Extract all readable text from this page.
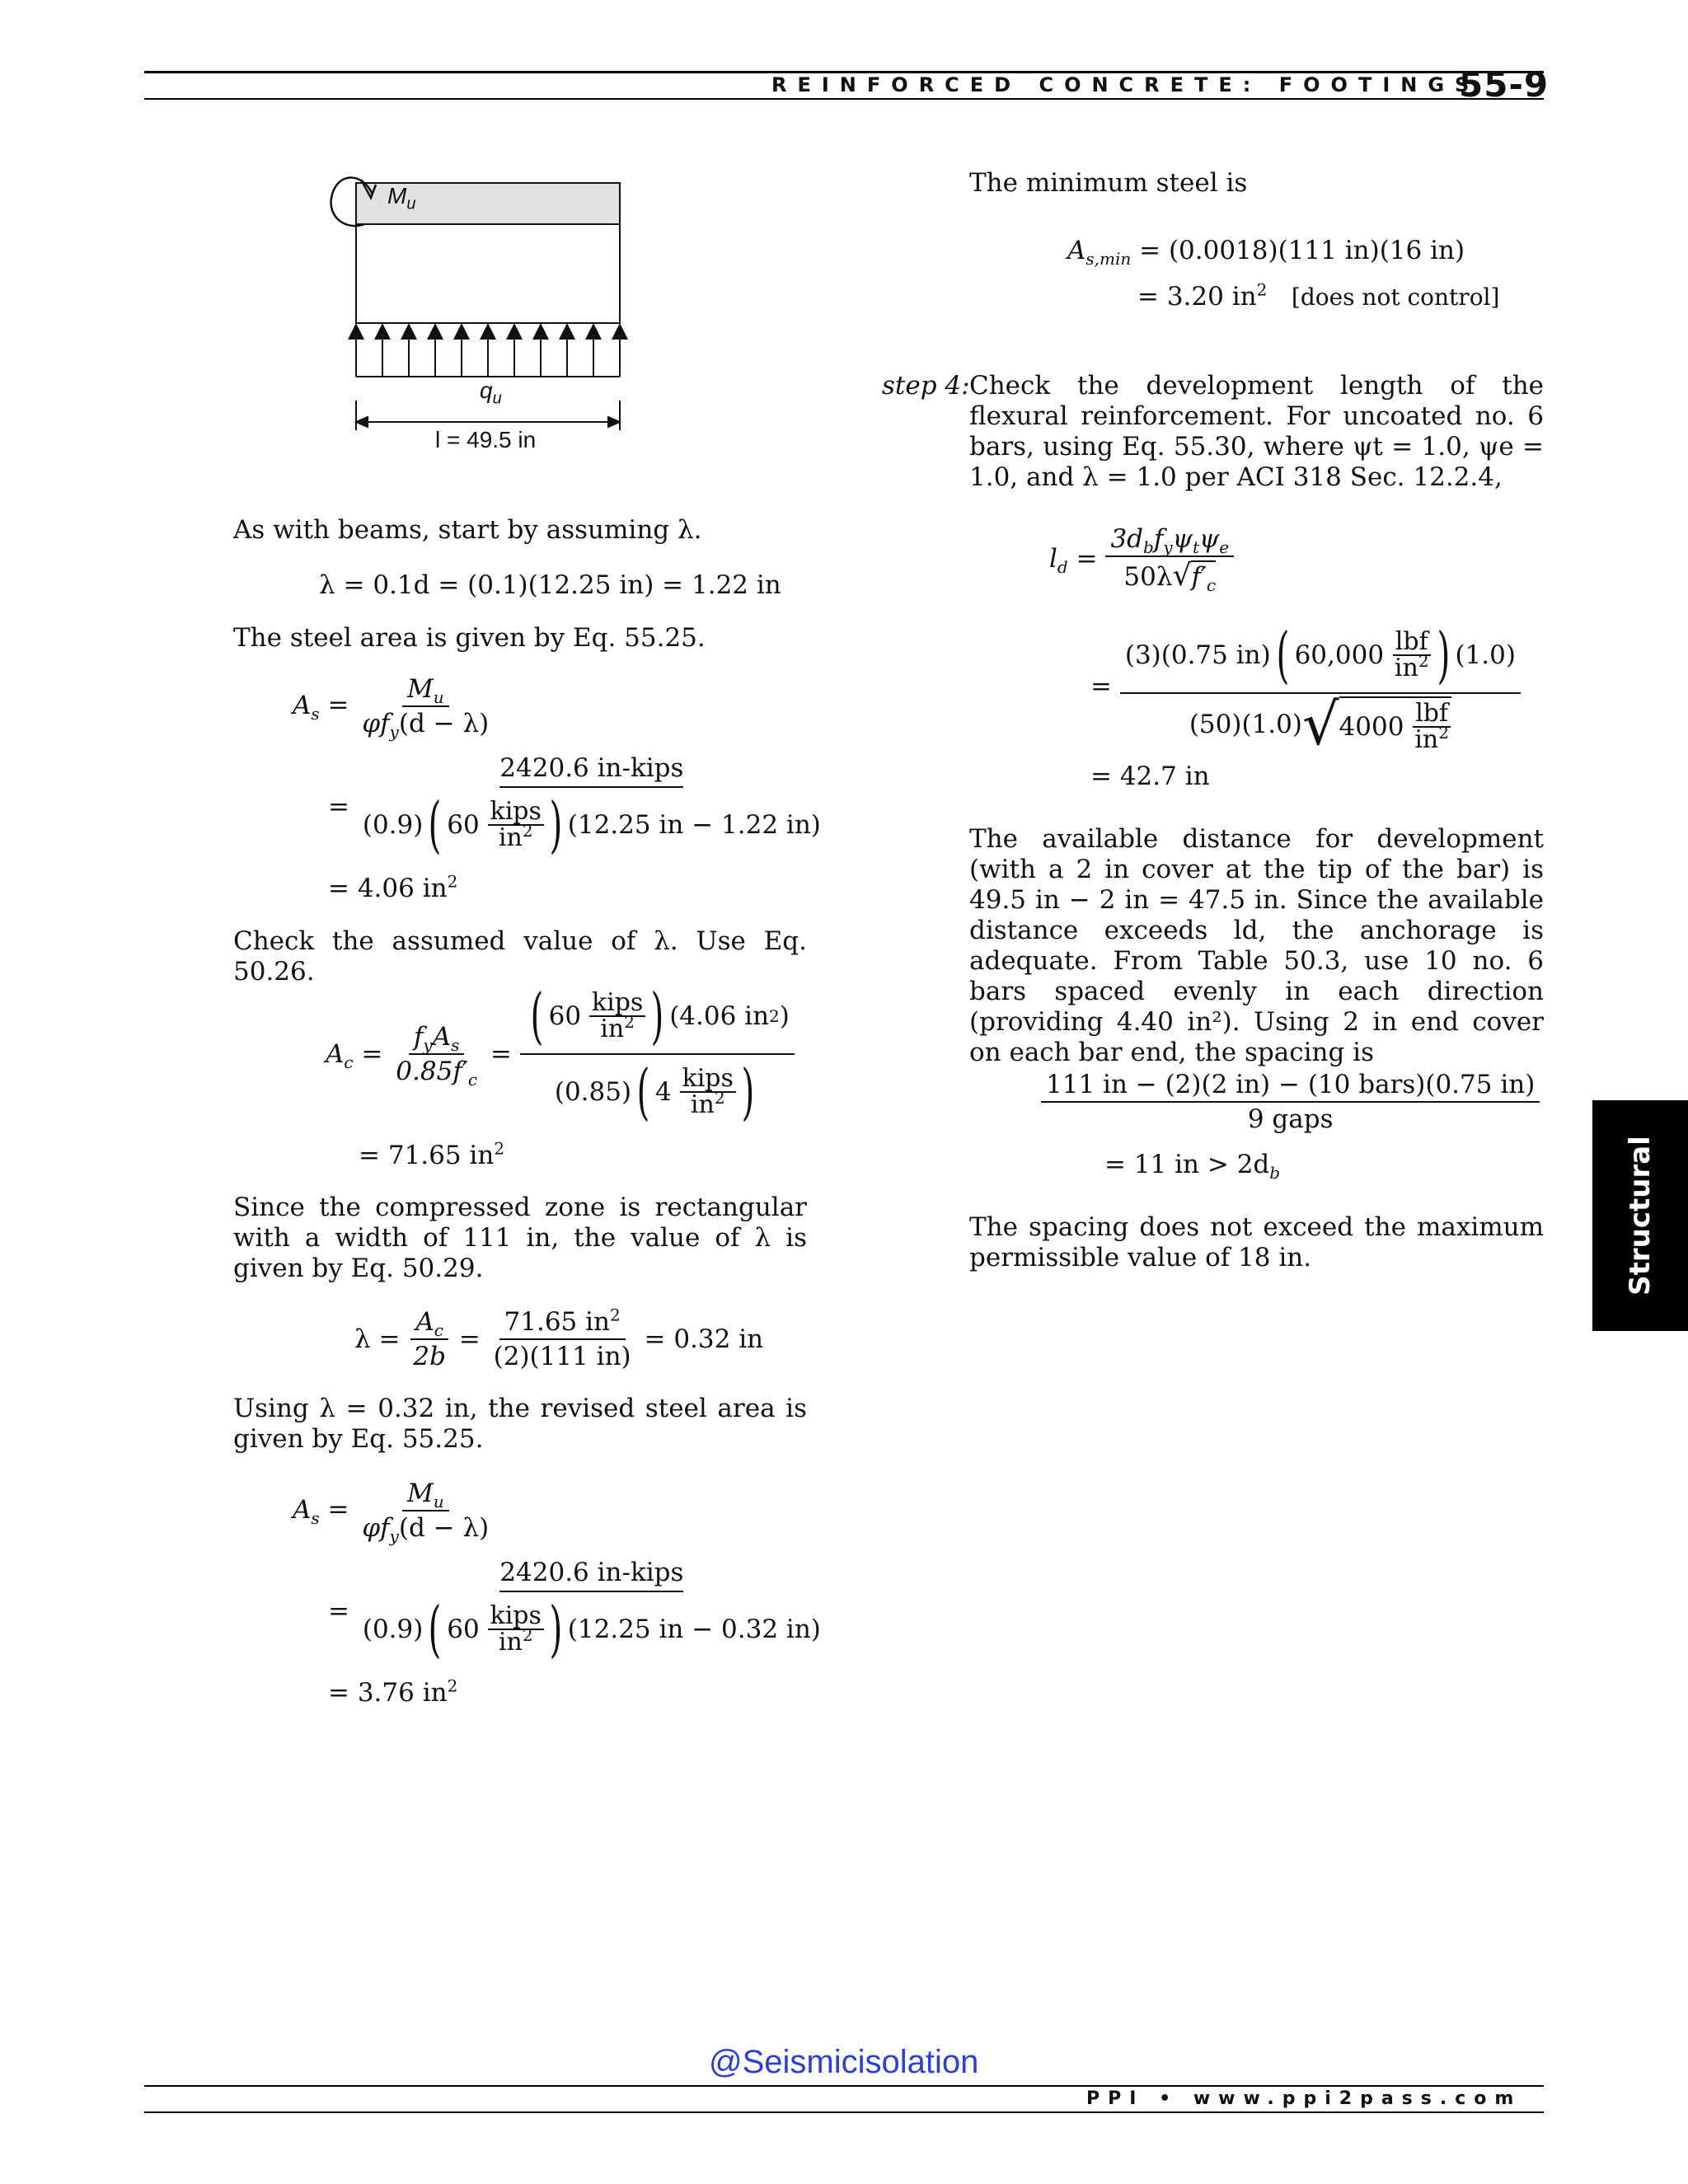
REINFORCED CONCRETE: FOOTINGS
55-9
Structural
$M_u$
$q_u$
l = 49.5 in
As with beams, start by assuming λ.
λ = 0.1d = (0.1)(12.25 in) = 1.22 in
The steel area is given by Eq. 55.25.
$A_s = \frac{M_u}{\varphi f_y(d - \lambda)}$
= 2420.6 in-kips
(0.9) ( 60
$\frac{\text{kips}}{in^2}$ ) (12.25 in − 1.22 in)
= 4.06 $in^2$
Check the assumed value of λ. Use Eq. 50.26.
$A_c$
=
$\frac{f_yA_s}{0.85f'_c}$
=
( 60
$\frac{\text{kips}}{in^2}$ ) (4.06 in 2 )
(0.85) ( 4
$\frac{\text{kips}}{in^2}$ )
= 71.65 $in^2$
Since the compressed zone is rectangular with a width of 111 in, the value of λ is given by Eq. 50.29.
λ =
$\frac{A_c}{2b}$
=
$\frac{71.65 in^2}{(2)(111 in)}$
= 0.32 in
Using λ = 0.32 in, the revised steel area is given by Eq. 55.25.
$A_s = \frac{M_u}{\varphi f_y(d - \lambda)}$
= 2420.6 in-kips
(0.9) ( 60
$\frac{\text{kips}}{in^2}$ ) (12.25 in − 0.32 in)
= 3.76 $in^2$
The minimum steel is
$A_{s,min} = (0.0018)(111$ in)(16 in)
= 3.20 $in^2$ [does not control]
step 4: Check the development length of the flexural reinforcement. For uncoated no. 6 bars, using Eq. 55.30, where ψt = 1.0, ψe = 1.0, and λ = 1.0 per ACI 318 Sec. 12.2.4,
$l_d$
=
$\frac{3d_bf_y\psi_t\psi_e}{50\lambda√f'_c}$
=
(3)(0.75 in) ( 60,000
$\frac{\text{lbf}}{in^2}$ ) (1.0)
(50)(1.0) √ 4000
$\frac{\text{lbf}}{in^2}$
= 42.7 in
The available distance for development (with a 2 in cover at the tip of the bar) is 49.5 in − 2 in = 47.5 in. Since the available distance exceeds ld, the anchorage is adequate. From Table 50.3, use 10 no. 6 bars spaced evenly in each direction (providing 4.40 in²). Using 2 in end cover on each bar end, the spacing is
$\frac{\text{111 in − (2)(2 in) − (10 bars)(0.75 in)}}{\text{9 gaps}}$
= 11 in > $2d_b$
The spacing does not exceed the maximum permissible value of 18 in.
@Seismicisolation
PPI • www.ppi2pass.com
